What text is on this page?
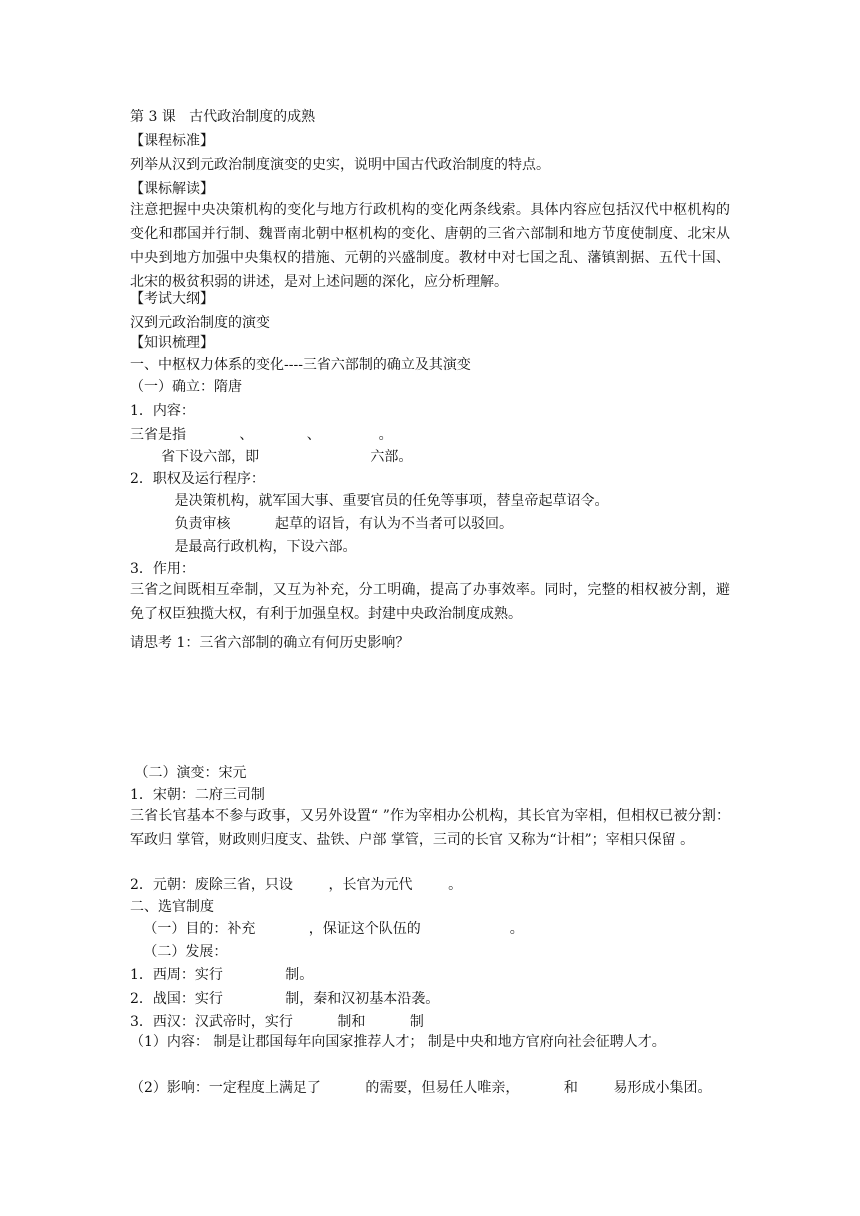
第 3 课   古代政治制度的成熟
【课程标准】
列举从汉到元政治制度演变的史实，说明中国古代政治制度的特点。
【课标解读】
注意把握中央决策机构的变化与地方行政机构的变化两条线索。具体内容应包括汉代中枢机构的变化和郡国并行制、魏晋南北朝中枢机构的变化、唐朝的三省六部制和地方节度使制度、北宋从中央到地方加强中央集权的措施、元朝的兴盛制度。教材中对七国之乱、藩镇割据、五代十国、北宋的极贫积弱的讲述，是对上述问题的深化，应分析理解。
【考试大纲】
汉到元政治制度的演变
【知识梳理】
一、中枢权力体系的变化----三省六部制的确立及其演变
（一）确立：隋唐
1．内容：
三省是指            、            、             。
省下设六部，即                         六部。
2．职权及运行程序：
是决策机构，就军国大事、重要官员的任免等事项，替皇帝起草诏令。
负责审核          起草的诏旨，有认为不当者可以驳回。
是最高行政机构，下设六部。
3．作用：
三省之间既相互牵制，又互为补充，分工明确，提高了办事效率。同时，完整的相权被分割，避免了权臣独揽大权，有利于加强皇权。封建中央政治制度成熟。
请思考 1：三省六部制的确立有何历史影响？
（二）演变：宋元
1．宋朝：二府三司制
三省长官基本不参与政事，又另外设置“ ”作为宰相办公机构，其长官为宰相，但相权已被分割：军政归 掌管，财政则归度支、盐铁、户部 掌管，三司的长官 又称为“计相”；宰相只保留 。
2．元朝：废除三省，只设        ，长官为元代        。
二、选官制度
（一）目的：补充            ，保证这个队伍的                    。
（二）发展：
1．西周：实行              制。
2．战国：实行              制，秦和汉初基本沿袭。
3．西汉：汉武帝时，实行          制和          制
（1）内容： 制是让郡国每年向国家推荐人才； 制是中央和地方官府向社会征聘人才。
（2）影响：一定程度上满足了          的需要，但易任人唯亲，          和        易形成小集团。
